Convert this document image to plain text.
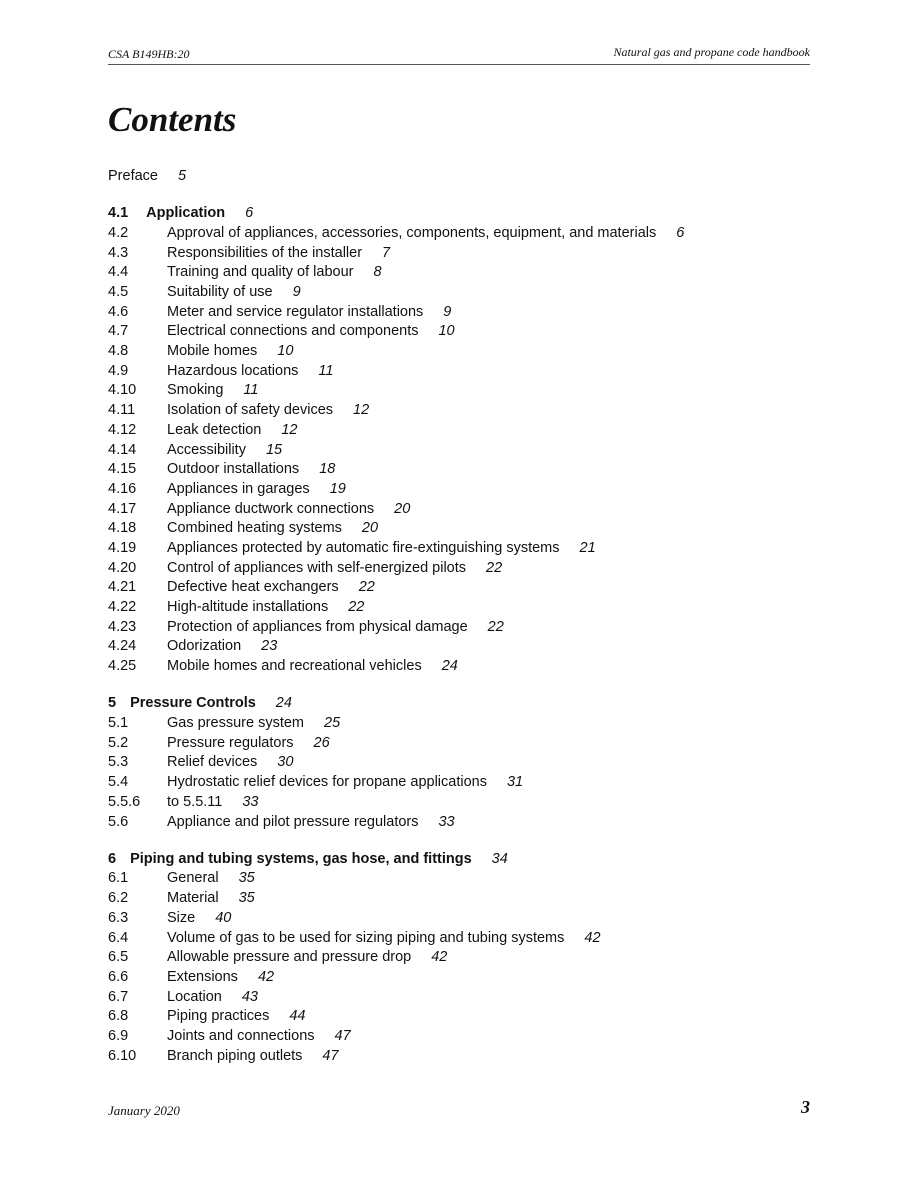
CSA B149HB:20	Natural gas and propane code handbook
Contents
Preface 5
4.1 Application 6
4.2	Approval of appliances, accessories, components, equipment, and materials 6
4.3	Responsibilities of the installer 7
4.4	Training and quality of labour 8
4.5	Suitability of use 9
4.6	Meter and service regulator installations 9
4.7	Electrical connections and components 10
4.8	Mobile homes 10
4.9	Hazardous locations 11
4.10 Smoking 11
4.11 Isolation of safety devices 12
4.12 Leak detection 12
4.14 Accessibility 15
4.15 Outdoor installations 18
4.16 Appliances in garages 19
4.17 Appliance ductwork connections 20
4.18 Combined heating systems 20
4.19 Appliances protected by automatic fire-extinguishing systems 21
4.20 Control of appliances with self-energized pilots 22
4.21 Defective heat exchangers 22
4.22 High-altitude installations 22
4.23 Protection of appliances from physical damage 22
4.24 Odorization 23
4.25 Mobile homes and recreational vehicles 24
5 Pressure Controls 24
5.1	Gas pressure system 25
5.2	Pressure regulators 26
5.3	Relief devices 30
5.4	Hydrostatic relief devices for propane applications 31
5.5.6 to 5.5.11 33
5.6	Appliance and pilot pressure regulators 33
6 Piping and tubing systems, gas hose, and fittings 34
6.1	General 35
6.2	Material 35
6.3	Size 40
6.4	Volume of gas to be used for sizing piping and tubing systems 42
6.5	Allowable pressure and pressure drop 42
6.6	Extensions 42
6.7	Location 43
6.8	Piping practices 44
6.9	Joints and connections 47
6.10 Branch piping outlets 47
January 2020	3
